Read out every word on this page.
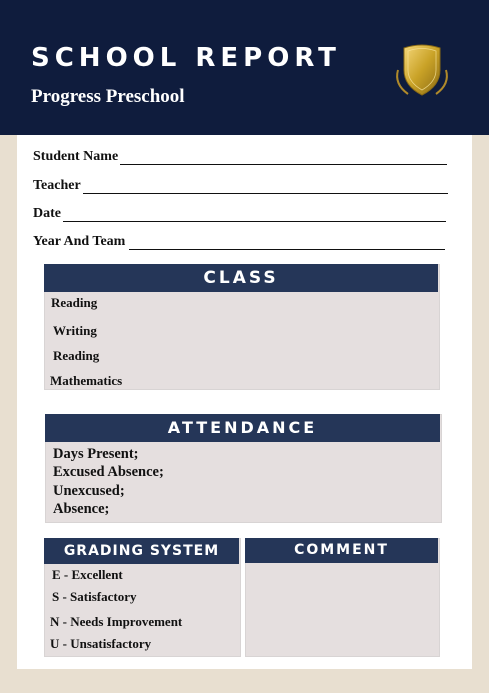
SCHOOL REPORT
Progress Preschool
Student Name
Teacher
Date
Year And Team
CLASS
Reading
Writing
Reading
Mathematics
ATTENDANCE
Days Present;
Excused Absence;
Unexcused;
Absence;
GRADING SYSTEM
E - Excellent
S - Satisfactory
N - Needs Improvement
U - Unsatisfactory
COMMENT
